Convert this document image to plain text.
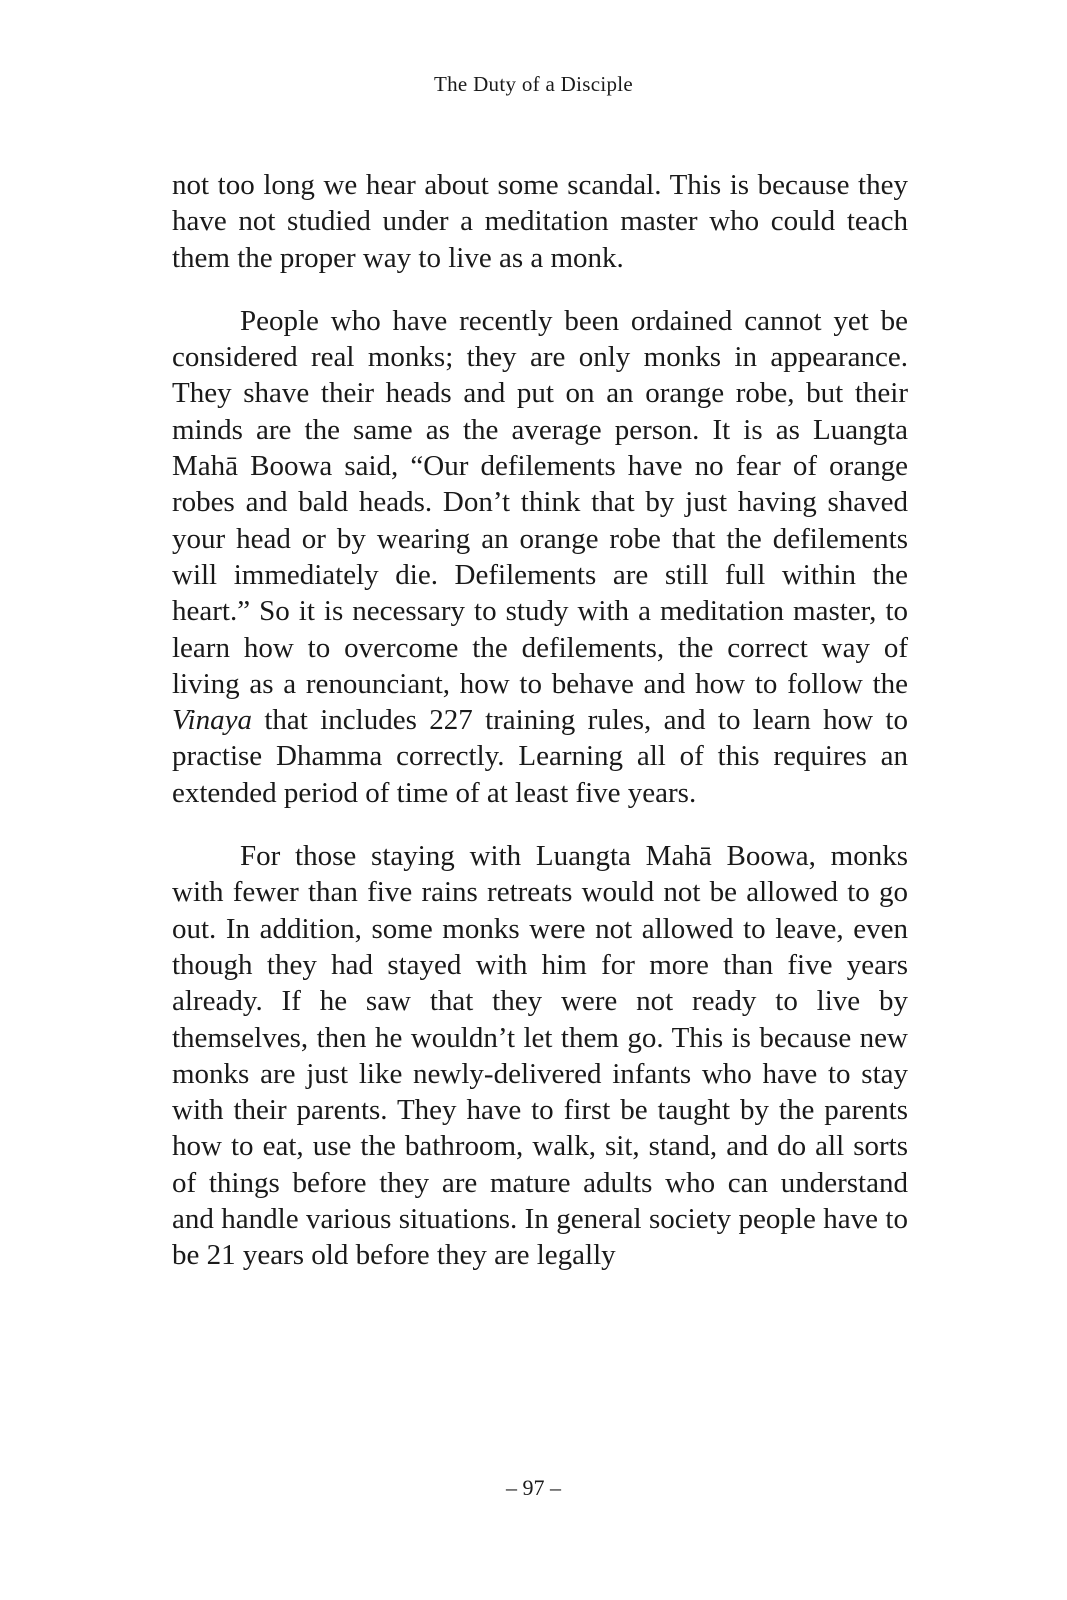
The Duty of a Disciple

not too long we hear about some scandal. This is because they have not studied under a meditation master who could teach them the proper way to live as a monk.

People who have recently been ordained cannot yet be considered real monks; they are only monks in appearance. They shave their heads and put on an orange robe, but their minds are the same as the average person. It is as Luangta Mahā Boowa said, “Our defilements have no fear of orange robes and bald heads. Don’t think that by just having shaved your head or by wearing an orange robe that the defilements will immediately die. Defilements are still full within the heart.” So it is necessary to study with a meditation master, to learn how to overcome the defilements, the correct way of living as a renounciant, how to behave and how to follow the Vinaya that includes 227 training rules, and to learn how to practise Dhamma correctly. Learning all of this requires an extended period of time of at least five years.

For those staying with Luangta Mahā Boowa, monks with fewer than five rains retreats would not be allowed to go out. In addition, some monks were not allowed to leave, even though they had stayed with him for more than five years already. If he saw that they were not ready to live by themselves, then he wouldn’t let them go. This is because new monks are just like newly-delivered infants who have to stay with their parents. They have to first be taught by the parents how to eat, use the bathroom, walk, sit, stand, and do all sorts of things before they are mature adults who can understand and handle various situations. In general society people have to be 21 years old before they are legally

– 97 –
